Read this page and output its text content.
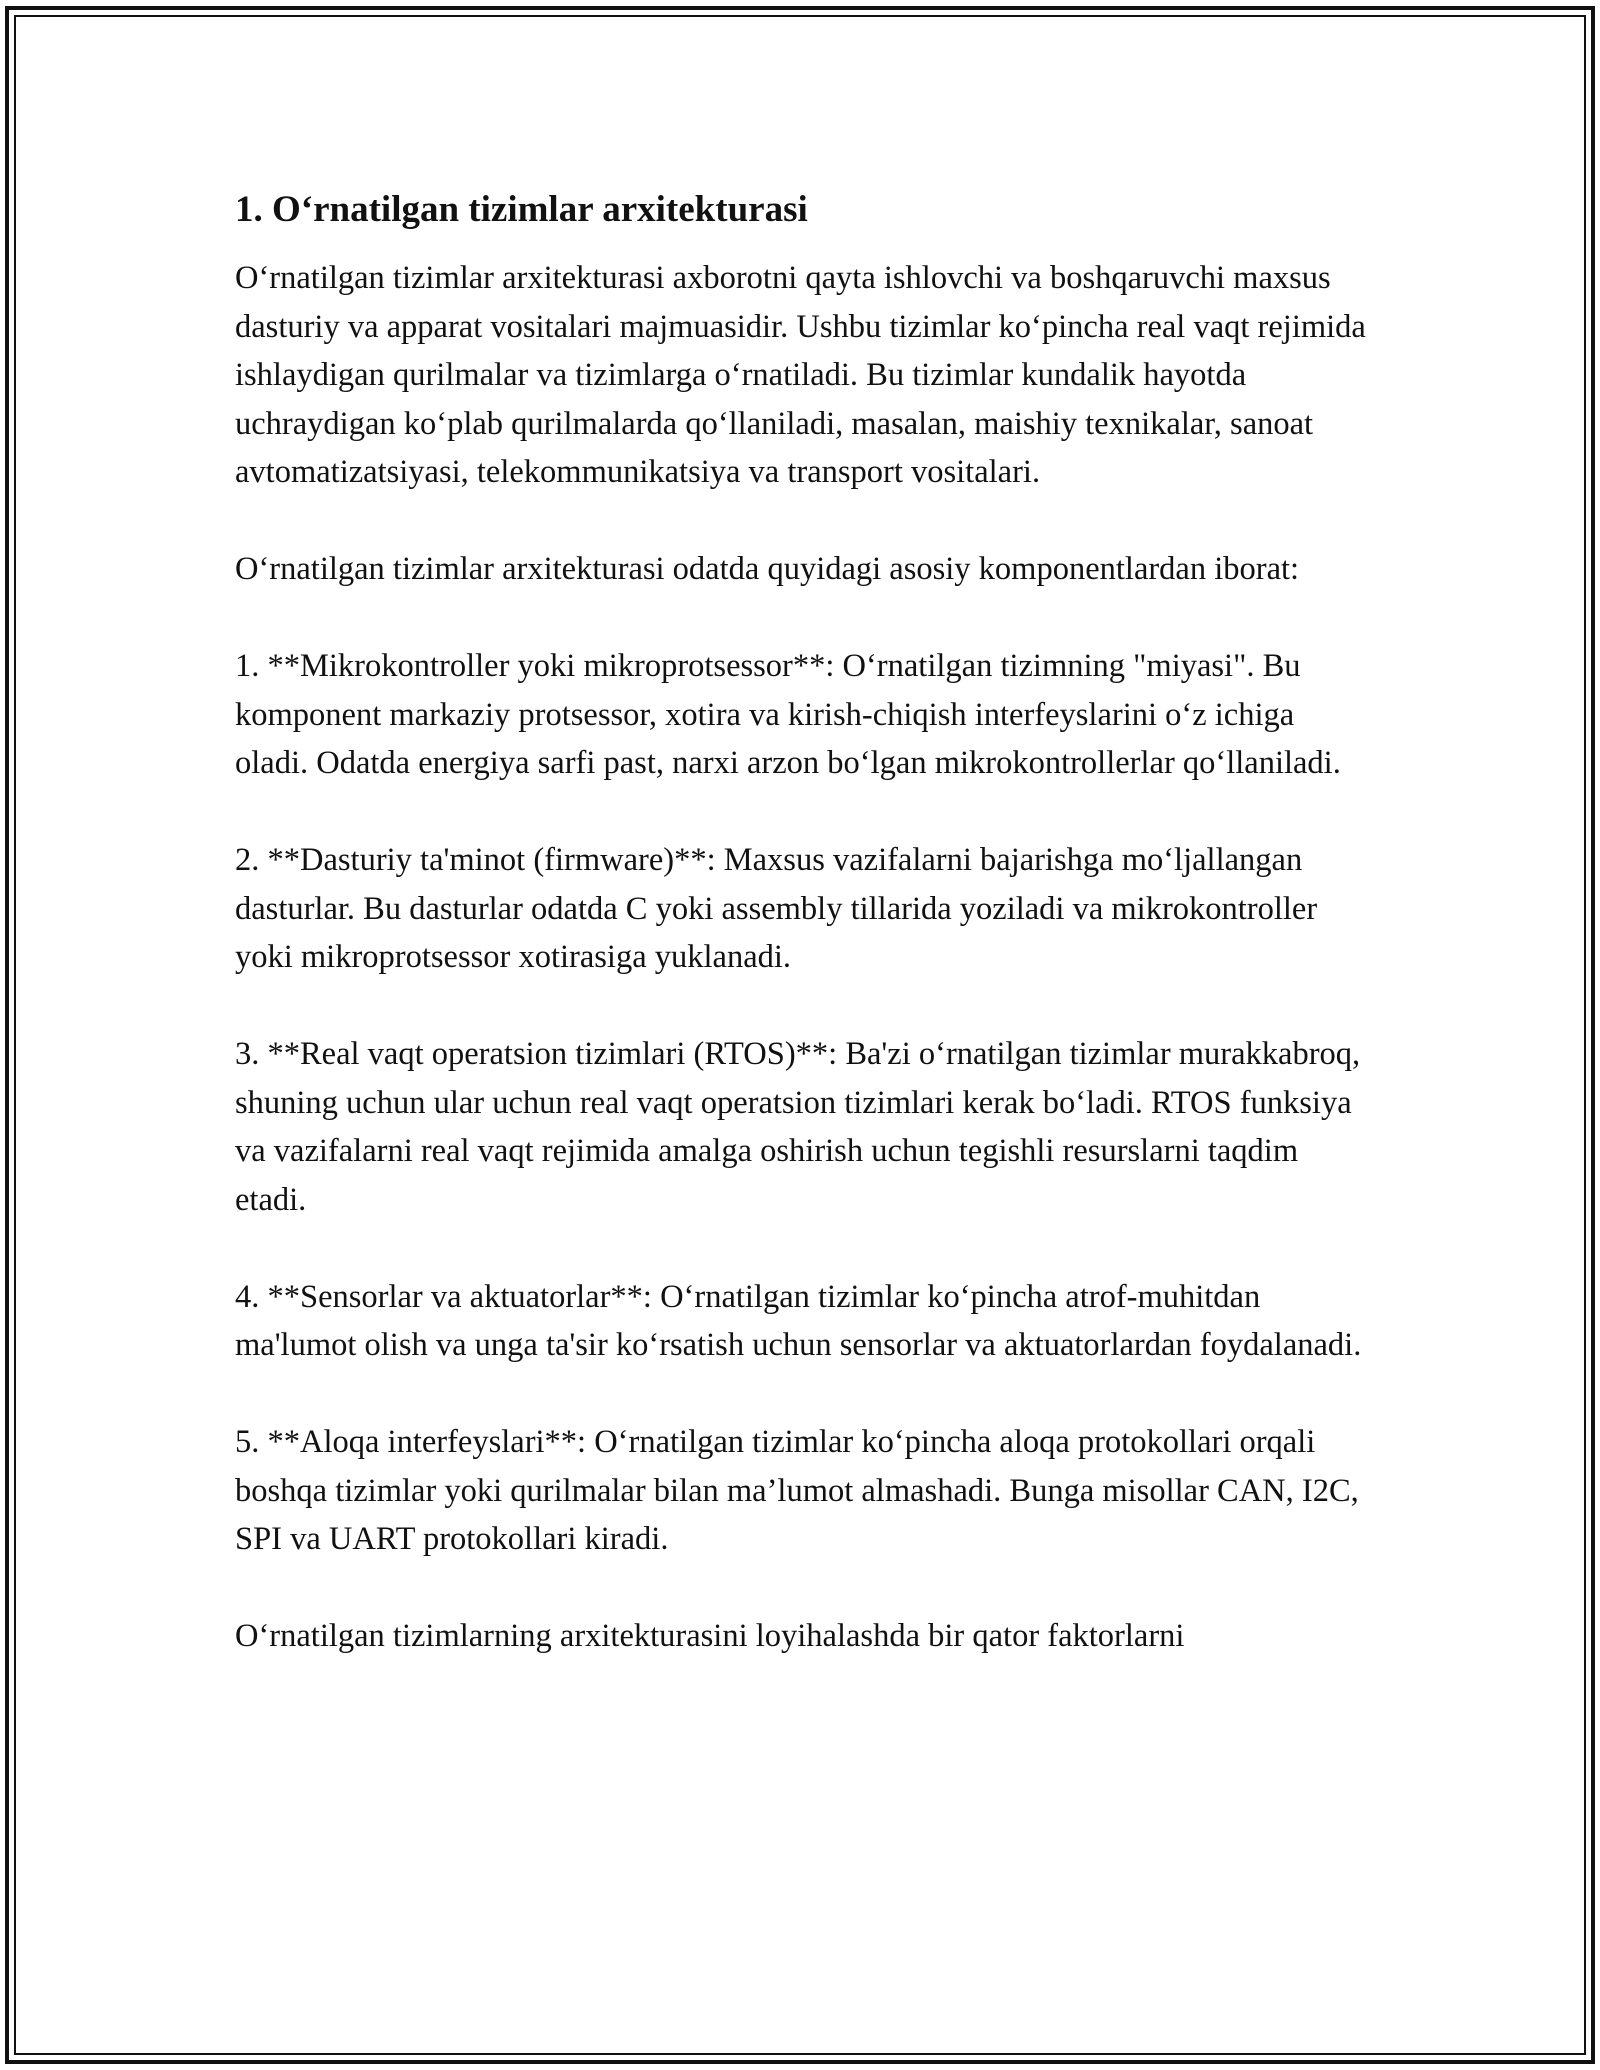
1. O‘rnatilgan tizimlar arxitekturasi

O‘rnatilgan tizimlar arxitekturasi axborotni qayta ishlovchi va boshqaruvchi maxsus dasturiy va apparat vositalari majmuasidir. Ushbu tizimlar ko‘pincha real vaqt rejimida ishlaydigan qurilmalar va tizimlarga o‘rnatiladi. Bu tizimlar kundalik hayotda uchraydigan ko‘plab qurilmalarda qo‘llaniladi, masalan, maishiy texnikalar, sanoat avtomatizatsiyasi, telekommunikatsiya va transport vositalari.

O‘rnatilgan tizimlar arxitekturasi odatda quyidagi asosiy komponentlardan iborat:

1. **Mikrokontroller yoki mikroprotsessor**: O‘rnatilgan tizimning "miyasi". Bu komponent markaziy protsessor, xotira va kirish-chiqish interfeyslarini o‘z ichiga oladi. Odatda energiya sarfi past, narxi arzon bo‘lgan mikrokontrollerlar qo‘llaniladi.

2. **Dasturiy ta'minot (firmware)**: Maxsus vazifalarni bajarishga mo‘ljallangan dasturlar. Bu dasturlar odatda C yoki assembly tillarida yoziladi va mikrokontroller yoki mikroprotsessor xotirasiga yuklanadi.

3. **Real vaqt operatsion tizimlari (RTOS)**: Ba'zi o‘rnatilgan tizimlar murakkabroq, shuning uchun ular uchun real vaqt operatsion tizimlari kerak bo‘ladi. RTOS funksiya va vazifalarni real vaqt rejimida amalga oshirish uchun tegishli resurslarni taqdim etadi.

4. **Sensorlar va aktuatorlar**: O‘rnatilgan tizimlar ko‘pincha atrof-muhitdan ma'lumot olish va unga ta'sir ko‘rsatish uchun sensorlar va aktuatorlardan foydalanadi.

5. **Aloqa interfeyslari**: O‘rnatilgan tizimlar ko‘pincha aloqa protokollari orqali boshqa tizimlar yoki qurilmalar bilan ma’lumot almashadi. Bunga misollar CAN, I2C, SPI va UART protokollari kiradi.

O‘rnatilgan tizimlarning arxitekturasini loyihalashda bir qator faktorlarni
